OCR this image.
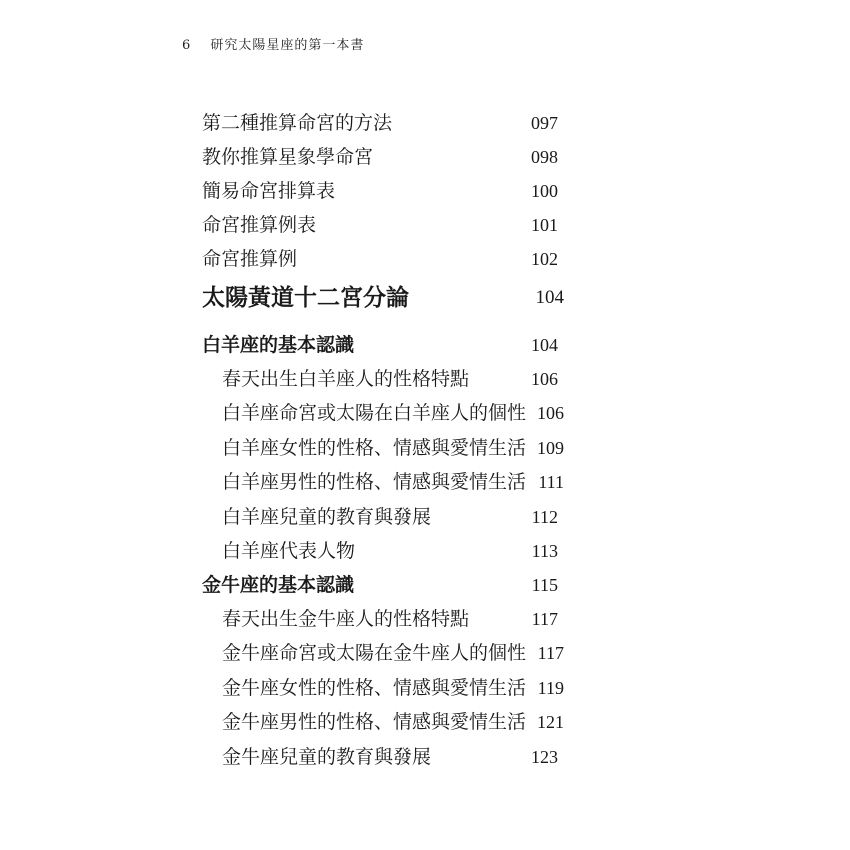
6 研究太陽星座的第一本書
第二種推算命宮的方法	097
教你推算星象學命宮	098
簡易命宮排算表	100
命宮推算例表	101
命宮推算例	102
太陽黃道十二宮分論	104
白羊座的基本認識	104
春天出生白羊座人的性格特點	106
白羊座命宮或太陽在白羊座人的個性 106
白羊座女性的性格、情感與愛情生活 109
白羊座男性的性格、情感與愛情生活 111
白羊座兒童的教育與發展	112
白羊座代表人物	113
金牛座的基本認識	115
春天出生金牛座人的性格特點	117
金牛座命宮或太陽在金牛座人的個性 117
金牛座女性的性格、情感與愛情生活 119
金牛座男性的性格、情感與愛情生活 121
金牛座兒童的教育與發展	123
